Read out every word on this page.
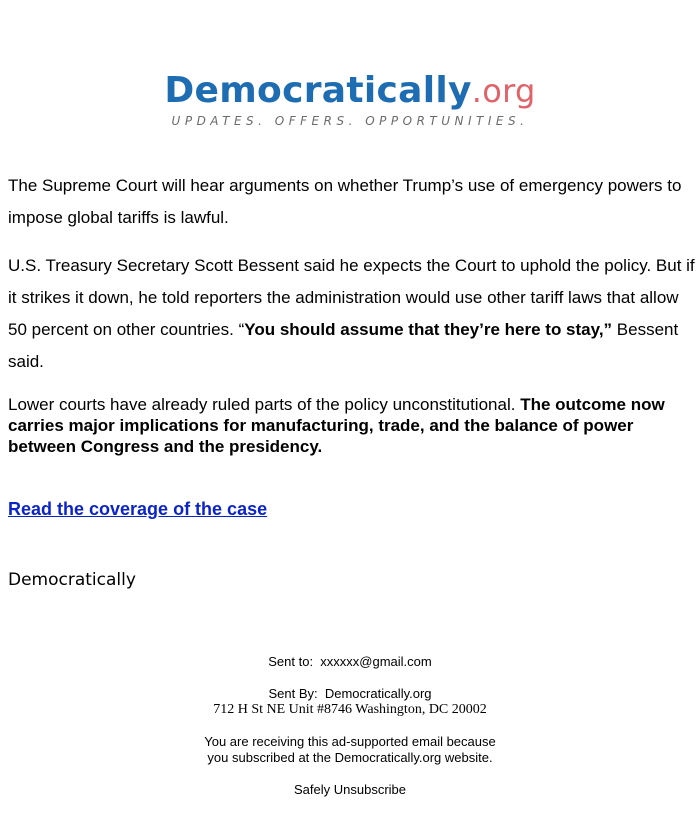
Democratically.org
UPDATES. OFFERS. OPPORTUNITIES.

The Supreme Court will hear arguments on whether Trump’s use of emergency powers to impose global tariffs is lawful.

U.S. Treasury Secretary Scott Bessent said he expects the Court to uphold the policy. But if it strikes it down, he told reporters the administration would use other tariff laws that allow 50 percent on other countries. “You should assume that they’re here to stay,” Bessent said.

Lower courts have already ruled parts of the policy unconstitutional. The outcome now carries major implications for manufacturing, trade, and the balance of power between Congress and the presidency.

Read the coverage of the case
Democratically

Sent to: xxxxxx@gmail.com

Sent By: Democratically.org

712 H St NE Unit #8746 Washington, DC 20002

You are receiving this ad-supported email because

you subscribed at the Democratically.org website.

Safely Unsubscribe
